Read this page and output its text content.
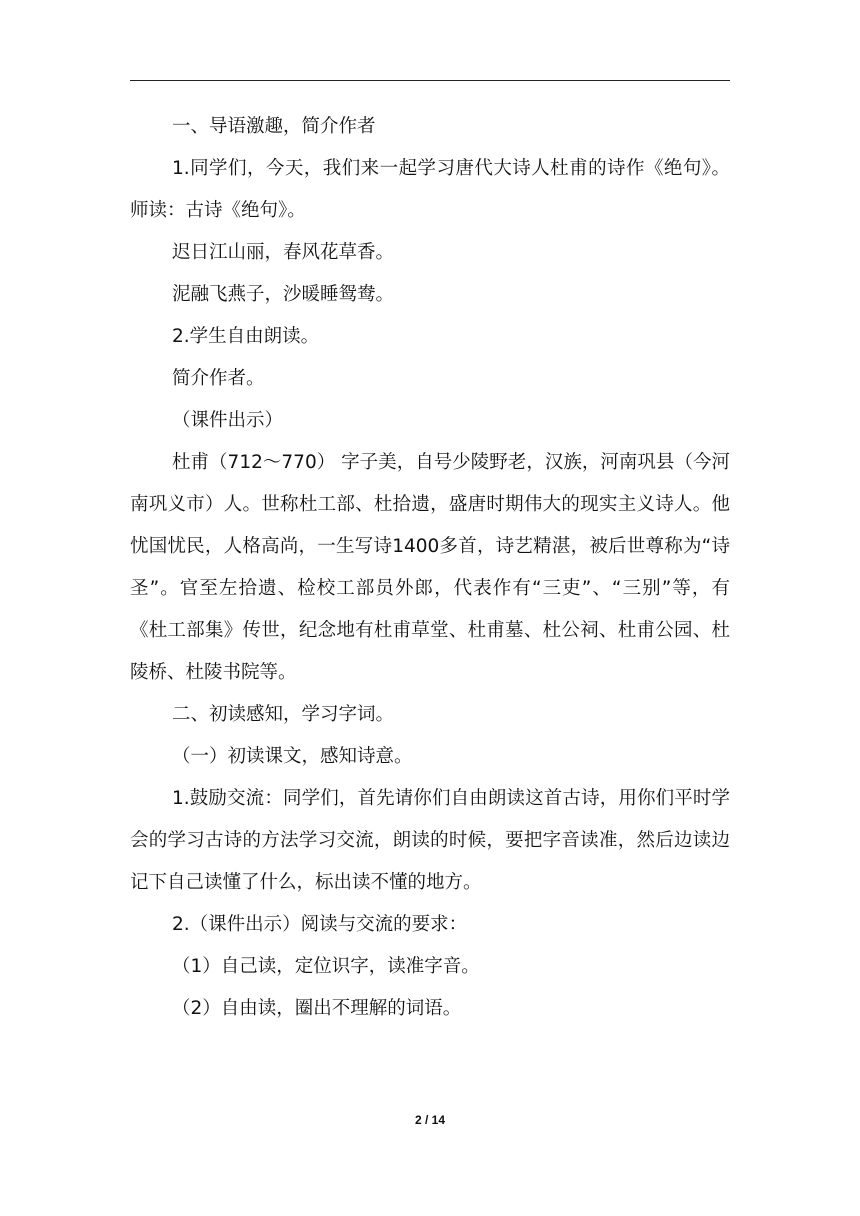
一、导语激趣，简介作者

1.同学们，今天，我们来一起学习唐代大诗人杜甫的诗作《绝句》。师读：古诗《绝句》。

迟日江山丽，春风花草香。

泥融飞燕子，沙暖睡鸳鸯。

2.学生自由朗读。

简介作者。

（课件出示）

杜甫（712～770） 字子美，自号少陵野老，汉族，河南巩县（今河南巩义市）人。世称杜工部、杜拾遗，盛唐时期伟大的现实主义诗人。他忧国忧民，人格高尚，一生写诗1400多首，诗艺精湛，被后世尊称为“诗圣”。官至左拾遗、检校工部员外郎，代表作有“三吏”、“三别”等，有《杜工部集》传世，纪念地有杜甫草堂、杜甫墓、杜公祠、杜甫公园、杜陵桥、杜陵书院等。

二、初读感知，学习字词。

（一）初读课文，感知诗意。

1.鼓励交流：同学们，首先请你们自由朗读这首古诗，用你们平时学会的学习古诗的方法学习交流，朗读的时候，要把字音读准，然后边读边记下自己读懂了什么，标出读不懂的地方。

2.（课件出示）阅读与交流的要求：

（1）自己读，定位识字，读准字音。

（2）自由读，圈出不理解的词语。

2 / 14
